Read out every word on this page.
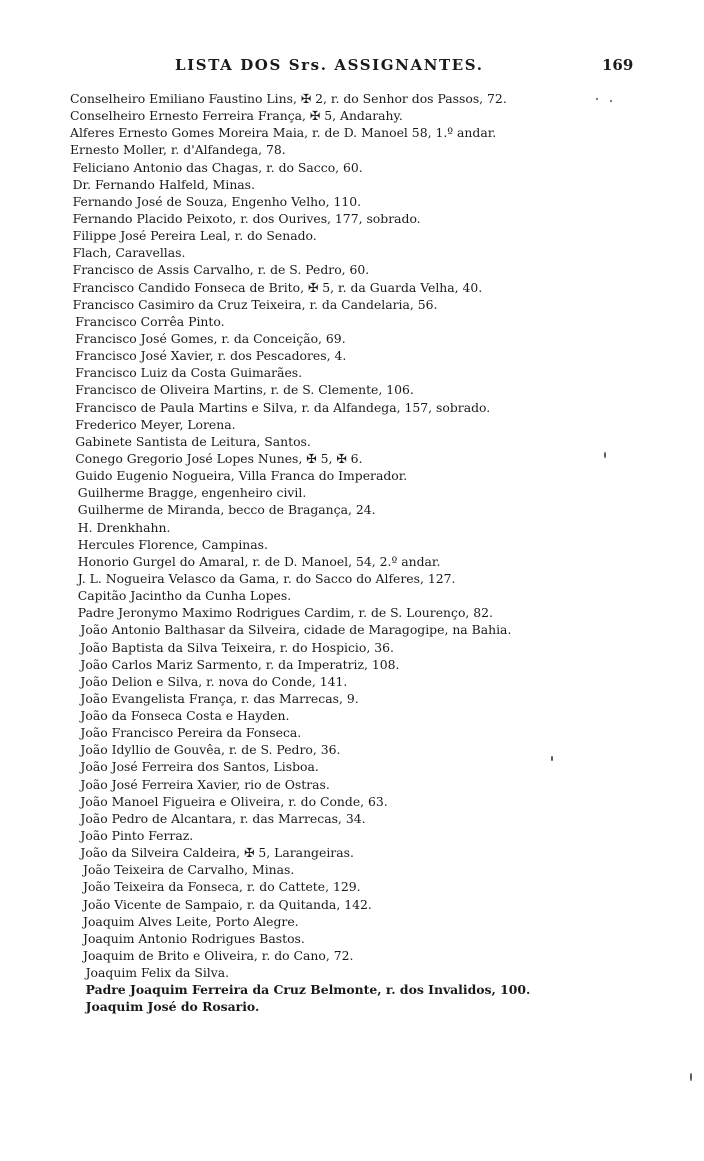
LISTA DOS Srs. ASSIGNANTES.	169
Conselheiro Emiliano Faustino Lins, ✠ 2, r. do Senhor dos Passos, 72.
Conselheiro Ernesto Ferreira França, ✠ 5, Andarahy.
Alferes Ernesto Gomes Moreira Maia, r. de D. Manoel 58, 1.º andar.
Ernesto Moller, r. d'Alfandega, 78.
Feliciano Antonio das Chagas, r. do Sacco, 60.
Dr. Fernando Halfeld, Minas.
Fernando José de Souza, Engenho Velho, 110.
Fernando Placido Peixoto, r. dos Ourives, 177, sobrado.
Filippe José Pereira Leal, r. do Senado.
Flach, Caravellas.
Francisco de Assis Carvalho, r. de S. Pedro, 60.
Francisco Candido Fonseca de Brito, ✠ 5, r. da Guarda Velha, 40.
Francisco Casimiro da Cruz Teixeira, r. da Candelaria, 56.
Francisco Corrêa Pinto.
Francisco José Gomes, r. da Conceição, 69.
Francisco José Xavier, r. dos Pescadores, 4.
Francisco Luiz da Costa Guimarães.
Francisco de Oliveira Martins, r. de S. Clemente, 106.
Francisco de Paula Martins e Silva, r. da Alfandega, 157, sobrado.
Frederico Meyer, Lorena.
Gabinete Santista de Leitura, Santos.
Conego Gregorio José Lopes Nunes, ✠ 5, ✠ 6.
Guido Eugenio Nogueira, Villa Franca do Imperador.
Guilherme Bragge, engenheiro civil.
Guilherme de Miranda, becco de Bragança, 24.
H. Drenkhahn.
Hercules Florence, Campinas.
Honorio Gurgel do Amaral, r. de D. Manoel, 54, 2.º andar.
J. L. Nogueira Velasco da Gama, r. do Sacco do Alferes, 127.
Capitão Jacintho da Cunha Lopes.
Padre Jeronymo Maximo Rodrigues Cardim, r. de S. Lourenço, 82.
João Antonio Balthasar da Silveira, cidade de Maragogipe, na Bahia.
João Baptista da Silva Teixeira, r. do Hospicio, 36.
João Carlos Mariz Sarmento, r. da Imperatriz, 108.
João Delion e Silva, r. nova do Conde, 141.
João Evangelista França, r. das Marrecas, 9.
João da Fonseca Costa e Hayden.
João Francisco Pereira da Fonseca.
João Idyllio de Gouvêa, r. de S. Pedro, 36.
João José Ferreira dos Santos, Lisboa.
João José Ferreira Xavier, rio de Ostras.
João Manoel Figueira e Oliveira, r. do Conde, 63.
João Pedro de Alcantara, r. das Marrecas, 34.
João Pinto Ferraz.
João da Silveira Caldeira, ✠ 5, Larangeiras.
João Teixeira de Carvalho, Minas.
João Teixeira da Fonseca, r. do Cattete, 129.
João Vicente de Sampaio, r. da Quitanda, 142.
Joaquim Alves Leite, Porto Alegre.
Joaquim Antonio Rodrigues Bastos.
Joaquim de Brito e Oliveira, r. do Cano, 72.
Joaquim Felix da Silva.
Padre Joaquim Ferreira da Cruz Belmonte, r. dos Invalidos, 100.
Joaquim José do Rosario.
